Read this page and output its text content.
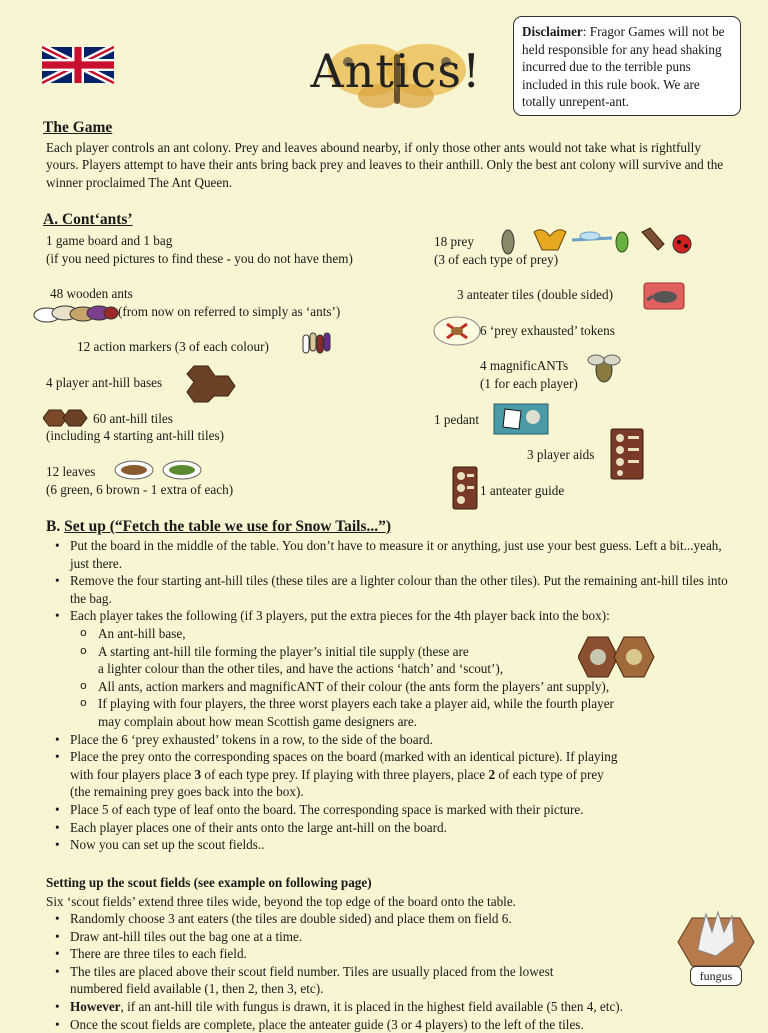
Antics!
Disclaimer: Fragor Games will not be held responsible for any head shaking incurred due to the terrible puns included in this rule book. We are totally unrepent-ant.
The Game
Each player controls an ant colony. Prey and leaves abound nearby, if only those other ants would not take what is rightfully yours. Players attempt to have their ants bring back prey and leaves to their anthill. Only the best ant colony will survive and the winner proclaimed The Ant Queen.
A. Cont‘ants’
1 game board and 1 bag
(if you need pictures to find these - you do not have them)
48 wooden ants
(from now on referred to simply as ‘ants’)
12 action markers (3 of each colour)
4 player ant-hill bases
60 ant-hill tiles
(including 4 starting ant-hill tiles)
12 leaves
(6 green, 6 brown - 1 extra of each)
18 prey
(3 of each type of prey)
3 anteater tiles (double sided)
6 ‘prey exhausted’ tokens
4 magnificANTs
(1 for each player)
1 pedant
3 player aids
1 anteater guide
B. Set up (“Fetch the table we use for Snow Tails...”)
• Put the board in the middle of the table. You don’t have to measure it or anything, just use your best guess. Left a bit...yeah, just there.
• Remove the four starting ant-hill tiles (these tiles are a lighter colour than the other tiles). Put the remaining ant-hill tiles into the bag.
• Each player takes the following (if 3 players, put the extra pieces for the 4th player back into the box):
o An ant-hill base,
o A starting ant-hill tile forming the player’s initial tile supply (these are
a lighter colour than the other tiles, and have the actions ‘hatch’ and ‘scout’),
o All ants, action markers and magnificANT of their colour (the ants form the players’ ant supply),
o If playing with four players, the three worst players each take a player aid, while the fourth player
may complain about how mean Scottish game designers are.
• Place the 6 ‘prey exhausted’ tokens in a row, to the side of the board.
• Place the prey onto the corresponding spaces on the board (marked with an identical picture). If playing
with four players place 3 of each type prey. If playing with three players, place 2 of each type of prey
(the remaining prey goes back into the box).
• Place 5 of each type of leaf onto the board. The corresponding space is marked with their picture.
• Each player places one of their ants onto the large ant-hill on the board.
• Now you can set up the scout fields..
Setting up the scout fields (see example on following page)
Six ‘scout fields’ extend three tiles wide, beyond the top edge of the board onto the table.
• Randomly choose 3 ant eaters (the tiles are double sided) and place them on field 6.
• Draw ant-hill tiles out the bag one at a time.
• There are three tiles to each field.
• The tiles are placed above their scout field number. Tiles are usually placed from the lowest
numbered field available (1, then 2, then 3, etc).
• However, if an ant-hill tile with fungus is drawn, it is placed in the highest field available (5 then 4, etc).
• Once the scout fields are complete, place the anteater guide (3 or 4 players) to the left of the tiles.
fungus
